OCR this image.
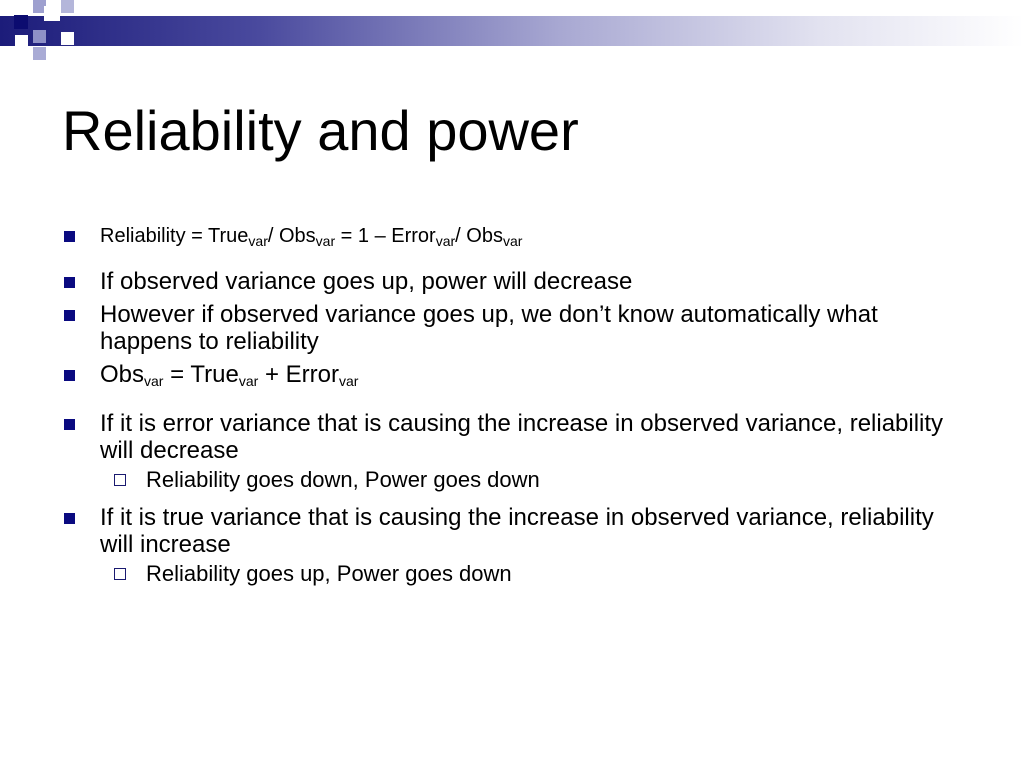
Reliability and power
Reliability = True$_{var}$/ Obs$_{var}$ = 1 – Error$_{var}$/ Obs$_{var}$
If observed variance goes up, power will decrease
However if observed variance goes up, we don’t know automatically what happens to reliability
Obs$_{var}$ = True$_{var}$ + Error$_{var}$
If it is error variance that is causing the increase in observed variance, reliability will decrease
Reliability goes down, Power goes down
If it is true variance that is causing the increase in observed variance, reliability will increase
Reliability goes up, Power goes down
